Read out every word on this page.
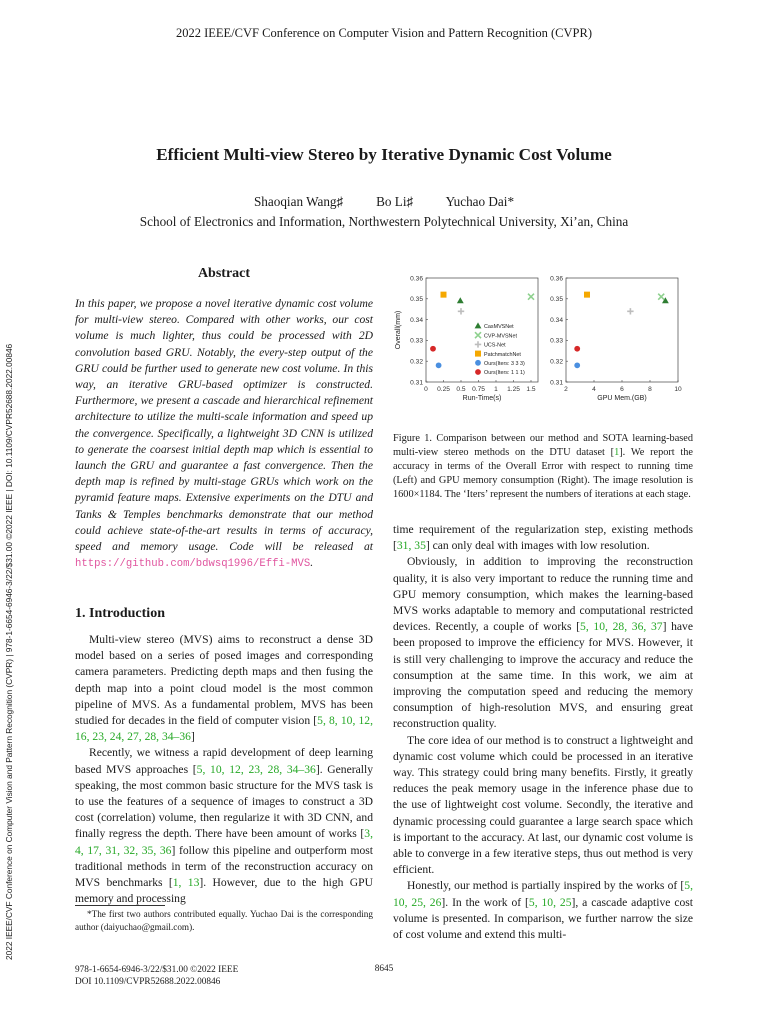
2022 IEEE/CVF Conference on Computer Vision and Pattern Recognition (CVPR)
2022 IEEE/CVF Conference on Computer Vision and Pattern Recognition (CVPR) | 978-1-6654-6946-3/22/$31.00 ©2022 IEEE | DOI: 10.1109/CVPR52688.2022.00846
Efficient Multi-view Stereo by Iterative Dynamic Cost Volume
Shaoqian Wang♯          Bo Li♯          Yuchao Dai*
School of Electronics and Information, Northwestern Polytechnical University, Xi’an, China
Abstract
In this paper, we propose a novel iterative dynamic cost volume for multi-view stereo. Compared with other works, our cost volume is much lighter, thus could be processed with 2D convolution based GRU. Notably, the every-step output of the GRU could be further used to generate new cost volume. In this way, an iterative GRU-based optimizer is constructed. Furthermore, we present a cascade and hierarchical refinement architecture to utilize the multi-scale information and speed up the convergence. Specifically, a lightweight 3D CNN is utilized to generate the coarsest initial depth map which is essential to launch the GRU and guarantee a fast convergence. Then the depth map is refined by multi-stage GRUs which work on the pyramid feature maps. Extensive experiments on the DTU and Tanks & Temples benchmarks demonstrate that our method could achieve state-of-the-art results in terms of accuracy, speed and memory usage. Code will be released at https://github.com/bdwsq1996/Effi-MVS.
1. Introduction

Multi-view stereo (MVS) aims to reconstruct a dense 3D model based on a series of posed images and corresponding camera parameters. Predicting depth maps and then fusing the depth map into a point cloud model is the most common pipeline of MVS. As a fundamental problem, MVS has been studied for decades in the field of computer vision [5, 8, 10, 12, 16, 23, 24, 27, 28, 34–36]

Recently, we witness a rapid development of deep learning based MVS approaches [5, 10, 12, 23, 28, 34–36]. Generally speaking, the most common basic structure for the MVS task is to use the features of a sequence of images to construct a 3D cost (correlation) volume, then regularize it with 3D CNN, and finally regress the depth. There have been amount of works [3, 4, 17, 31, 32, 35, 36] follow this pipeline and outperform most traditional methods in term of the reconstruction accuracy on MVS benchmarks [1, 13]. However, due to the high GPU memory and processing

*The first two authors contributed equally. Yuchao Dai is the corresponding author (daiyuchao@gmail.com).
0.31
0.32
0.33
0.34
0.35
0.36
0 0.25 0.5 0.75 1 1.25 1.5
Run-Time(s)
Overall(mm)	CasMVSNet
CVP-MVSNet
UCS-Net
PatchmatchNet
Ours(Iters: 3 3 3)
Ours(Iters: 1 1 1)
0.31
0.32
0.33
0.34
0.35
0.36
2	4	6	8	10
GPU Mem.(GB)
Figure 1. Comparison between our method and SOTA learning-based multi-view stereo methods on the DTU dataset [1]. We report the accuracy in terms of the Overall Error with respect to running time (Left) and GPU memory consumption (Right). The image resolution is 1600×1184. The ‘Iters’ represent the numbers of iterations at each stage.

time requirement of the regularization step, existing methods [31, 35] can only deal with images with low resolution.

Obviously, in addition to improving the reconstruction quality, it is also very important to reduce the running time and GPU memory consumption, which makes the learning-based MVS works adaptable to memory and computational restricted devices. Recently, a couple of works [5, 10, 28, 36, 37] have been proposed to improve the efficiency for MVS. However, it is still very challenging to improve the accuracy and reduce the consumption at the same time. In this work, we aim at improving the computation speed and reducing the memory consumption of high-resolution MVS, and ensuring great reconstruction quality.

The core idea of our method is to construct a lightweight and dynamic cost volume which could be processed in an iterative way. This strategy could bring many benefits. Firstly, it greatly reduces the peak memory usage in the inference phase due to the use of lightweight cost volume. Secondly, the iterative and dynamic processing could guarantee a large search space which is important to the accuracy. At last, our dynamic cost volume is able to converge in a few iterative steps, thus out method is very efficient.

Honestly, our method is partially inspired by the works of [5, 10, 25, 26]. In the work of [5, 10, 25], a cascade adaptive cost volume is presented. In comparison, we further narrow the size of cost volume and extend this multi-

978-1-6654-6946-3/22/$31.00 ©2022 IEEE
DOI 10.1109/CVPR52688.2022.00846
8645
